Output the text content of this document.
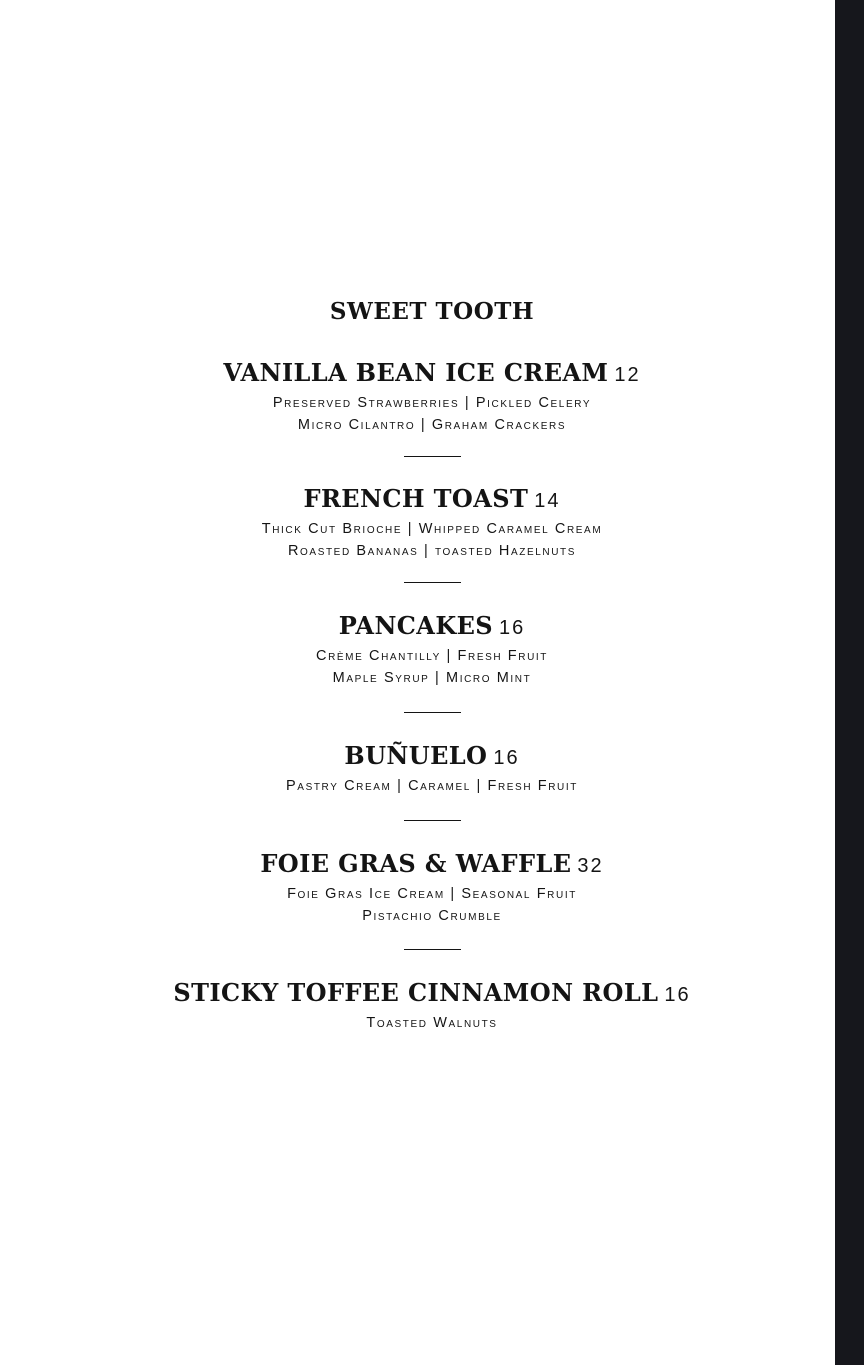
SWEET TOOTH

VANILLA BEAN ICE CREAM 12

Preserved Strawberries | Pickled Celery

Micro Cilantro | Graham Crackers

FRENCH TOAST 14

Thick Cut Brioche | Whipped Caramel Cream

Roasted Bananas | toasted Hazelnuts

PANCAKES 16

Crème Chantilly | Fresh Fruit

Maple Syrup | Micro Mint

BUÑUELO 16

Pastry Cream | Caramel | Fresh Fruit

FOIE GRAS & WAFFLE 32

Foie Gras Ice Cream | Seasonal Fruit

Pistachio Crumble

STICKY TOFFEE CINNAMON ROLL 16

Toasted Walnuts
